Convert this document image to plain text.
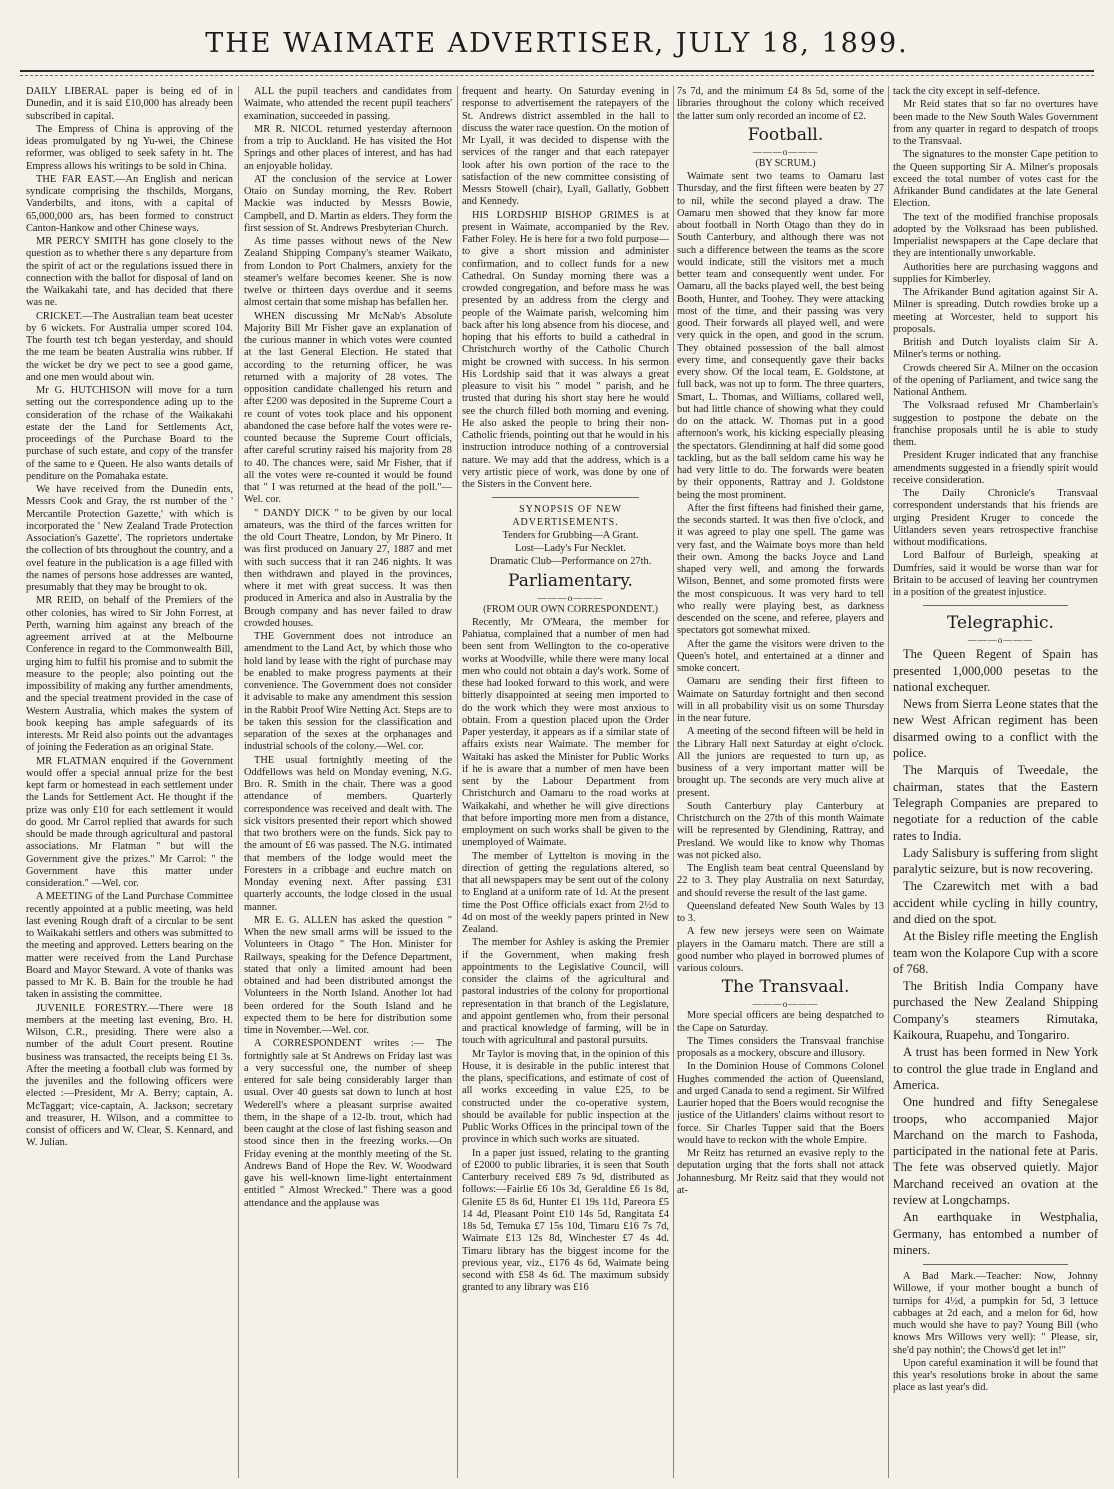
THE WAIMATE ADVERTISER, JULY 18, 1899.

DAILY LIBERAL paper is being ed of in Dunedin, and it is said £10,000 has already been subscribed in capital.

The Empress of China is approving of the ideas promulgated by ng Yu-wei, the Chinese reformer, was obliged to seek safety in ht. The Empress allows his writings to be sold in China.

THE FAR EAST.—An English and nerican syndicate comprising the thschilds, Morgans, Vanderbilts, and itons, with a capital of 65,000,000 ars, has been formed to construct Canton-Hankow and other Chinese ways.

MR PERCY SMITH has gone closely to the question as to whether there s any departure from the spirit of act or the regulations issued there in connection with the ballot for disposal of land on the Waikakahi tate, and has decided that there was ne.

CRICKET.—The Australian team beat ucester by 6 wickets. For Australia umper scored 104. The fourth test tch began yesterday, and should the me team be beaten Australia wins rubber. If the wicket be dry we pect to see a good game, and one men would about win.

Mr G. HUTCHISON will move for a turn setting out the correspondence ading up to the consideration of the rchase of the Waikakahi estate der the Land for Settlements Act, proceedings of the Purchase Board to the purchase of such estate, and copy of the transfer of the same to e Queen. He also wants details of penditure on the Pomahaka estate.

We have received from the Dunedin ents, Messrs Cook and Gray, the rst number of the ' Mercantile Protection Gazette,' with which is incorporated the ' New Zealand Trade Protection Association's Gazette'. The roprietors undertake the collection of bts throughout the country, and a ovel feature in the publication is a age filled with the names of persons hose addresses are wanted, presumably that they may be brought to ok.

MR REID, on behalf of the Premiers of the other colonies, has wired to Sir John Forrest, at Perth, warning him against any breach of the agreement arrived at at the Melbourne Conference in regard to the Commonwealth Bill, urging him to fulfil his promise and to submit the measure to the people; also pointing out the impossibility of making any further amendments, and the special treatment provided in the case of Western Australia, which makes the system of book keeping has ample safeguards of its interests. Mr Reid also points out the advantages of joining the Federation as an original State.

MR FLATMAN enquired if the Government would offer a special annual prize for the best kept farm or homestead in each settlement under the Lands for Settlement Act. He thought if the prize was only £10 for each settlement it would do good. Mr Carrol replied that awards for such should be made through agricultural and pastoral associations. Mr Flatman " but will the Government give the prizes." Mr Carrol: " the Government have this matter under consideration." —Wel. cor.

A MEETING of the Land Purchase Committee recently appointed at a public meeting, was held last evening Rough draft of a circular to be sent to Waikakahi settlers and others was submitted to the meeting and approved. Letters bearing on the matter were received from the Land Purchase Board and Mayor Steward. A vote of thanks was passed to Mr K. B. Bain for the trouble he had taken in assisting the committee.

JUVENILE FORESTRY.—There were 18 members at the meeting last evening, Bro. H. Wilson, C.R., presiding. There were also a number of the adult Court present. Routine business was transacted, the receipts being £1 3s. After the meeting a football club was formed by the juveniles and the following officers were elected :—President, Mr A. Berry; captain, A. McTaggart; vice-captain, A. Jackson; secretary and treasurer, H. Wilson, and a committee to consist of officers and W. Clear, S. Kennard, and W. Julian.

ALL the pupil teachers and candidates from Waimate, who attended the recent pupil teachers' examination, succeeded in passing.

MR R. NICOL returned yesterday afternoon from a trip to Auckland. He has visited the Hot Springs and other places of interest, and has had an enjoyable holiday.

AT the conclusion of the service at Lower Otaio on Sunday morning, the Rev. Robert Mackie was inducted by Messrs Bowie, Campbell, and D. Martin as elders. They form the first session of St. Andrews Presbyterian Church.

As time passes without news of the New Zealand Shipping Company's steamer Waikato, from London to Port Chalmers, anxiety for the steamer's welfare becomes keener. She is now twelve or thirteen days overdue and it seems almost certain that some mishap has befallen her.

WHEN discussing Mr McNab's Absolute Majority Bill Mr Fisher gave an explanation of the curious manner in which votes were counted at the last General Election. He stated that according to the returning officer, he was returned with a majority of 28 votes. The opposition candidate challenged his return and after £200 was deposited in the Supreme Court a re count of votes took place and his opponent abandoned the case before half the votes were re-counted because the Supreme Court officials, after careful scrutiny raised his majority from 28 to 40. The chances were, said Mr Fisher, that if all the votes were re-counted it would be found that " I was returned at the head of the poll."—Wel. cor.

" DANDY DICK " to be given by our local amateurs, was the third of the farces written for the old Court Theatre, London, by Mr Pinero. It was first produced on January 27, 1887 and met with such success that it ran 246 nights. It was then withdrawn and played in the provinces, where it met with great success. It was then produced in America and also in Australia by the Brough company and has never failed to draw crowded houses.

THE Government does not introduce an amendment to the Land Act, by which those who hold land by lease with the right of purchase may be enabled to make progress payments at their convenience. The Government does not consider it advisable to make any amendment this session in the Rabbit Proof Wire Netting Act. Steps are to be taken this session for the classification and separation of the sexes at the orphanages and industrial schools of the colony.—Wel. cor.

THE usual fortnightly meeting of the Oddfellows was held on Monday evening, N.G. Bro. R. Smith in the chair. There was a good attendance of members. Quarterly correspondence was received and dealt with. The sick visitors presented their report which showed that two brothers were on the funds. Sick pay to the amount of £6 was passed. The N.G. intimated that members of the lodge would meet the Foresters in a cribbage and euchre match on Monday evening next. After passing £31 quarterly accounts, the lodge closed in the usual manner.

MR E. G. ALLEN has asked the question " When the new small arms will be issued to the Volunteers in Otago " The Hon. Minister for Railways, speaking for the Defence Department, stated that only a limited amount had been obtained and had been distributed amongst the Volunteers in the North Island. Another lot had been ordered for the South Island and he expected them to be here for distribution some time in November.—Wel. cor.

A CORRESPONDENT writes :— The fortnightly sale at St Andrews on Friday last was a very successful one, the number of sheep entered for sale being considerably larger than usual. Over 40 guests sat down to lunch at host Wederell's where a pleasant surprise awaited them, in the shape of a 12-lb. trout, which had been caught at the close of last fishing season and stood since then in the freezing works.—On Friday evening at the monthly meeting of the St. Andrews Band of Hope the Rev. W. Woodward gave his well-known lime-light entertainment entitled " Almost Wrecked." There was a good attendance and the applause was

frequent and hearty. On Saturday evening in response to advertisement the ratepayers of the St. Andrews district assembled in the hall to discuss the water race question. On the motion of Mr Lyall, it was decided to dispense with the services of the ranger and that each ratepayer look after his own portion of the race to the satisfaction of the new committee consisting of Messrs Stowell (chair), Lyall, Gallatly, Gobbett and Kennedy.

HIS LORDSHIP BISHOP GRIMES is at present in Waimate, accompanied by the Rev. Father Foley. He is here for a two fold purpose—to give a short mission and administer confirmation, and to collect funds for a new Cathedral. On Sunday morning there was a crowded congregation, and before mass he was presented by an address from the clergy and people of the Waimate parish, welcoming him back after his long absence from his diocese, and hoping that his efforts to build a cathedral in Christchurch worthy of the Catholic Church might be crowned with success. In his sermon His Lordship said that it was always a great pleasure to visit his " model " parish, and he trusted that during his short stay here he would see the church filled both morning and evening. He also asked the people to bring their non-Catholic friends, pointing out that he would in his instruction introduce nothing of a controversial nature. We may add that the address, which is a very artistic piece of work, was done by one of the Sisters in the Convent here.

SYNOPSIS OF NEW ADVERTISEMENTS.

Tenders for Grubbing—A Grant.

Lost—Lady's Fur Necklet.

Dramatic Club—Performance on 27th.

Parliamentary.

———o———

(FROM OUR OWN CORRESPONDENT.)

Recently, Mr O'Meara, the member for Pahiatua, complained that a number of men had been sent from Wellington to the co-operative works at Woodville, while there were many local men who could not obtain a day's work. Some of these had looked forward to this work, and were bitterly disappointed at seeing men imported to do the work which they were most anxious to obtain. From a question placed upon the Order Paper yesterday, it appears as if a similar state of affairs exists near Waimate. The member for Waitaki has asked the Minister for Public Works if he is aware that a number of men have been sent by the Labour Department from Christchurch and Oamaru to the road works at Waikakahi, and whether he will give directions that before importing more men from a distance, employment on such works shall be given to the unemployed of Waimate.

The member of Lyttelton is moving in the direction of getting the regulations altered, so that all newspapers may be sent out of the colony to England at a uniform rate of 1d. At the present time the Post Office officials exact from 2½d to 4d on most of the weekly papers printed in New Zealand.

The member for Ashley is asking the Premier if the Government, when making fresh appointments to the Legislative Council, will consider the claims of the agricultural and pastoral industries of the colony for proportional representation in that branch of the Legislature, and appoint gentlemen who, from their personal and practical knowledge of farming, will be in touch with agricultural and pastoral pursuits.

Mr Taylor is moving that, in the opinion of this House, it is desirable in the public interest that the plans, specifications, and estimate of cost of all works exceeding in value £25, to be constructed under the co-operative system, should be available for public inspection at the Public Works Offices in the principal town of the province in which such works are situated.

In a paper just issued, relating to the granting of £2000 to public libraries, it is seen that South Canterbury received £89 7s 9d, distributed as follows:—Fairlie £6 10s 3d, Geraldine £6 1s 8d, Glenite £5 8s 6d, Hunter £1 19s 11d, Pareora £5 14 4d, Pleasant Point £10 14s 5d, Rangitata £4 18s 5d, Temuka £7 15s 10d, Timaru £16 7s 7d, Waimate £13 12s 8d, Winchester £7 4s 4d. Timaru library has the biggest income for the previous year, viz., £176 4s 6d, Waimate being second with £58 4s 6d. The maximum subsidy granted to any library was £16

7s 7d, and the minimum £4 8s 5d, some of the libraries throughout the colony which received the latter sum only recorded an income of £2.

Football.

———o———

(BY SCRUM.)

Waimate sent two teams to Oamaru last Thursday, and the first fifteen were beaten by 27 to nil, while the second played a draw. The Oamaru men showed that they know far more about football in North Otago than they do in South Canterbury, and although there was not such a difference between the teams as the score would indicate, still the visitors met a much better team and consequently went under. For Oamaru, all the backs played well, the best being Booth, Hunter, and Toohey. They were attacking most of the time, and their passing was very good. Their forwards all played well, and were very quick in the open, and good in the scrum. They obtained possession of the ball almost every time, and consequently gave their backs every show. Of the local team, E. Goldstone, at full back, was not up to form. The three quarters, Smart, L. Thomas, and Williams, collared well, but had little chance of showing what they could do on the attack. W. Thomas put in a good afternoon's work, his kicking especially pleasing the spectators. Glendinning at half did some good tackling, but as the ball seldom came his way he had very little to do. The forwards were beaten by their opponents, Rattray and J. Goldstone being the most prominent.

After the first fifteens had finished their game, the seconds started. It was then five o'clock, and it was agreed to play one spell. The game was very fast, and the Waimate boys more than held their own. Among the backs Joyce and Land shaped very well, and among the forwards Wilson, Bennet, and some promoted firsts were the most conspicuous. It was very hard to tell who really were playing best, as darkness descended on the scene, and referee, players and spectators got somewhat mixed.

After the game the visitors were driven to the Queen's hotel, and entertained at a dinner and smoke concert.

Oamaru are sending their first fifteen to Waimate on Saturday fortnight and then second will in all probability visit us on some Thursday in the near future.

A meeting of the second fifteen will be held in the Library Hall next Saturday at eight o'clock. All the juniors are requested to turn up, as business of a very important matter will be brought up. The seconds are very much alive at present.

South Canterbury play Canterbury at Christchurch on the 27th of this month Waimate will be represented by Glendining, Rattray, and Presland. We would like to know why Thomas was not picked also.

The English team beat central Queensland by 22 to 3. They play Australia on next Saturday, and should reverse the result of the last game.

Queensland defeated New South Wales by 13 to 3.

A few new jerseys were seen on Waimate players in the Oamaru match. There are still a good number who played in borrowed plumes of various colours.

The Transvaal.

———o———

More special officers are being despatched to the Cape on Saturday.

The Times considers the Transvaal franchise proposals as a mockery, obscure and illusory.

In the Dominion House of Commons Colonel Hughes commended the action of Queensland, and urged Canada to send a regiment. Sir Wilfred Laurier hoped that the Boers would recognise the justice of the Uitlanders' claims without resort to force. Sir Charles Tupper said that the Boers would have to reckon with the whole Empire.

Mr Reitz has returned an evasive reply to the deputation urging that the forts shall not attack Johannesburg. Mr Reitz said that they would not at-

tack the city except in self-defence.

Mr Reid states that so far no overtures have been made to the New South Wales Government from any quarter in regard to despatch of troops to the Transvaal.

The signatures to the monster Cape petition to the Queen supporting Sir A. Milner's proposals exceed the total number of votes cast for the Afrikander Bund candidates at the late General Election.

The text of the modified franchise proposals adopted by the Volksraad has been published. Imperialist newspapers at the Cape declare that they are intentionally unworkable.

Authorities here are purchasing waggons and supplies for Kimberley.

The Afrikander Bund agitation against Sir A. Milner is spreading. Dutch rowdies broke up a meeting at Worcester, held to support his proposals.

British and Dutch loyalists claim Sir A. Milner's terms or nothing.

Crowds cheered Sir A. Milner on the occasion of the opening of Parliament, and twice sang the National Anthem.

The Volksraad refused Mr Chamberlain's suggestion to postpone the debate on the franchise proposals until he is able to study them.

President Kruger indicated that any franchise amendments suggested in a friendly spirit would receive consideration.

The Daily Chronicle's Transvaal correspondent understands that his friends are urging President Kruger to concede the Uitlanders seven years retrospective franchise without modifications.

Lord Balfour of Burleigh, speaking at Dumfries, said it would be worse than war for Britain to be accused of leaving her countrymen in a position of the greatest injustice.

Telegraphic.

———o———

The Queen Regent of Spain has presented 1,000,000 pesetas to the national exchequer.

News from Sierra Leone states that the new West African regiment has been disarmed owing to a conflict with the police.

The Marquis of Tweedale, the chairman, states that the Eastern Telegraph Companies are prepared to negotiate for a reduction of the cable rates to India.

Lady Salisbury is suffering from slight paralytic seizure, but is now recovering.

The Czarewitch met with a bad accident while cycling in hilly country, and died on the spot.

At the Bisley rifle meeting the English team won the Kolapore Cup with a score of 768.

The British India Company have purchased the New Zealand Shipping Company's steamers Rimutaka, Kaikoura, Ruapehu, and Tongariro.

A trust has been formed in New York to control the glue trade in England and America.

One hundred and fifty Senegalese troops, who accompanied Major Marchand on the march to Fashoda, participated in the national fete at Paris. The fete was observed quietly. Major Marchand received an ovation at the review at Longchamps.

An earthquake in Westphalia, Germany, has entombed a number of miners.

A Bad Mark.—Teacher: Now, Johnny Willowe, if your mother bought a bunch of turnips for 4½d, a pumpkin for 5d, 3 lettuce cabbages at 2d each, and a melon for 6d, how much would she have to pay? Young Bill (who knows Mrs Willows very well): " Please, sir, she'd pay nothin'; the Chows'd get let in!"

Upon careful examination it will be found that this year's resolutions broke in about the same place as last year's did.
